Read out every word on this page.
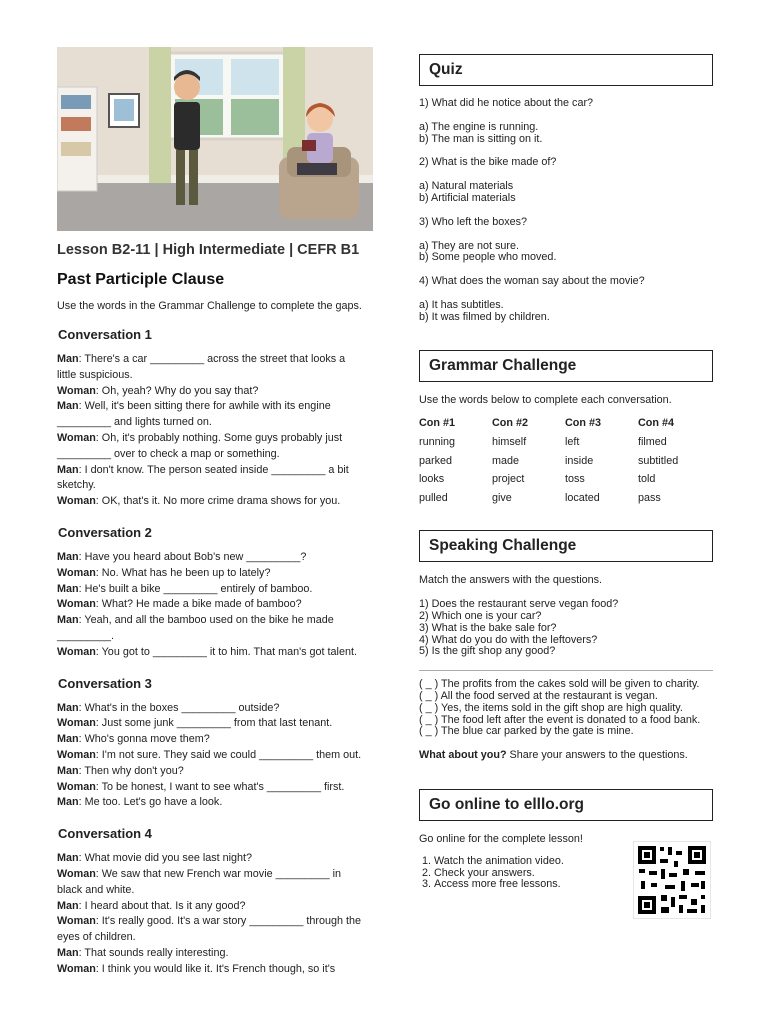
Lesson B2-11 | High Intermediate | CEFR B1
Past Participle Clause
Use the words in the Grammar Challenge to complete the gaps.
Conversation 1
Man: There's a car _________ across the street that looks a
little suspicious.
Woman: Oh, yeah? Why do you say that?
Man: Well, it's been sitting there for awhile with its engine
_________ and lights turned on.
Woman: Oh, it's probably nothing. Some guys probably just
_________ over to check a map or something.
Man: I don't know. The person seated inside _________ a bit
sketchy.
Woman: OK, that's it. No more crime drama shows for you.
Conversation 2
Man: Have you heard about Bob's new _________?
Woman: No. What has he been up to lately?
Man: He's built a bike _________ entirely of bamboo.
Woman: What? He made a bike made of bamboo?
Man: Yeah, and all the bamboo used on the bike he made
_________.
Woman: You got to _________ it to him. That man's got talent.
Conversation 3
Man: What's in the boxes _________ outside?
Woman: Just some junk _________ from that last tenant.
Man: Who's gonna move them?
Woman: I'm not sure. They said we could _________ them out.
Man: Then why don't you?
Woman: To be honest, I want to see what's _________ first.
Man: Me too. Let's go have a look.
Conversation 4
Man: What movie did you see last night?
Woman: We saw that new French war movie _________ in
black and white.
Man: I heard about that. Is it any good?
Woman: It's really good. It's a war story _________ through the
eyes of children.
Man: That sounds really interesting.
Woman: I think you would like it. It's French though, so it's
Quiz
1) What did he notice about the car?
a) The engine is running.
b) The man is sitting on it.
2) What is the bike made of?
a) Natural materials
b) Artificial materials
3) Who left the boxes?
a) They are not sure.
b) Some people who moved.
4) What does the woman say about the movie?
a) It has subtitles.
b) It was filmed by children.
Grammar Challenge
Use the words below to complete each conversation.
Con #1
running
parked
looks
pulled
Con #2
himself
made
project
give
Con #3
left
inside
toss
located
Con #4
filmed
subtitled
told
pass
Speaking Challenge
Match the answers with the questions.
1) Does the restaurant serve vegan food?
2) Which one is your car?
3) What is the bake sale for?
4) What do you do with the leftovers?
5) Is the gift shop any good?
( _ ) The profits from the cakes sold will be given to charity.
( _ ) All the food served at the restaurant is vegan.
( _ ) Yes, the items sold in the gift shop are high quality.
( _ ) The food left after the event is donated to a food bank.
( _ ) The blue car parked by the gate is mine.
What about you? Share your answers to the questions.
Go online to elllo.org
Go online for the complete lesson!
1. Watch the animation video.
2. Check your answers.
3. Access more free lessons.
